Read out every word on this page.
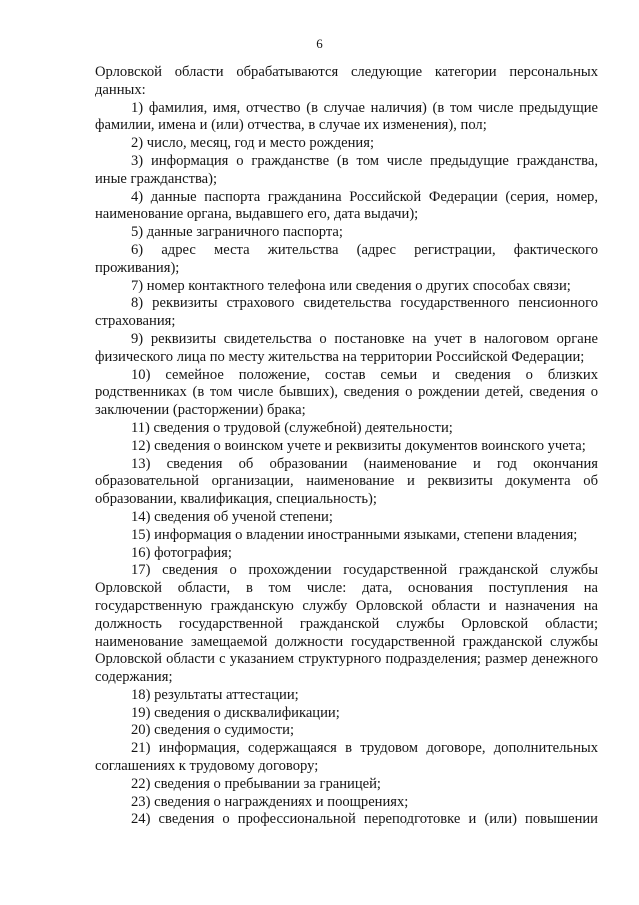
6

Орловской области обрабатываются следующие категории персональных данных:

1) фамилия, имя, отчество (в случае наличия) (в том числе предыдущие фамилии, имена и (или) отчества, в случае их изменения), пол;

2) число, месяц, год и место рождения;

3) информация о гражданстве (в том числе предыдущие гражданства, иные гражданства);

4) данные паспорта гражданина Российской Федерации (серия, номер, наименование органа, выдавшего его, дата выдачи);

5) данные заграничного паспорта;

6) адрес места жительства (адрес регистрации, фактического проживания);

7) номер контактного телефона или сведения о других способах связи;

8) реквизиты страхового свидетельства государственного пенсионного страхования;

9) реквизиты свидетельства о постановке на учет в налоговом органе физического лица по месту жительства на территории Российской Федерации;

10) семейное положение, состав семьи и сведения о близких родственниках (в том числе бывших), сведения о рождении детей, сведения о заключении (расторжении) брака;

11) сведения о трудовой (служебной) деятельности;

12) сведения о воинском учете и реквизиты документов воинского учета;

13) сведения об образовании (наименование и год окончания образовательной организации, наименование и реквизиты документа об образовании, квалификация, специальность);

14) сведения об ученой степени;

15) информация о владении иностранными языками, степени владения;

16) фотография;

17) сведения о прохождении государственной гражданской службы Орловской области, в том числе: дата, основания поступления на государственную гражданскую службу Орловской области и назначения на должность государственной гражданской службы Орловской области; наименование замещаемой должности государственной гражданской службы Орловской области с указанием структурного подразделения; размер денежного содержания;

18) результаты аттестации;

19) сведения о дисквалификации;

20) сведения о судимости;

21) информация, содержащаяся в трудовом договоре, дополнительных соглашениях к трудовому договору;

22) сведения о пребывании за границей;

23) сведения о награждениях и поощрениях;

24) сведения о профессиональной переподготовке и (или) повышении
